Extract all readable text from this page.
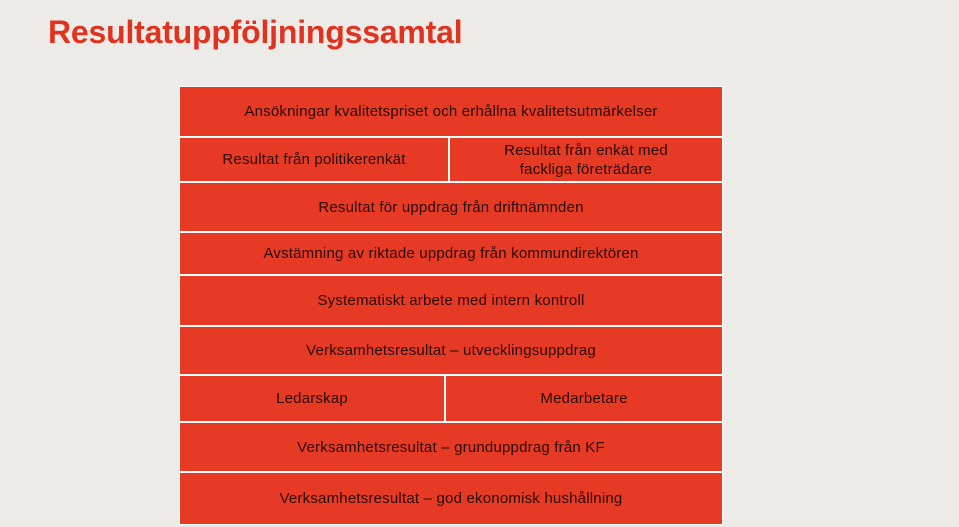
Resultatuppföljningssamtal
Ansökningar kvalitetspriset och erhållna kvalitetsutmärkelser
Resultat från politikerenkät
Resultat från enkät med fackliga företrädare
Resultat för uppdrag från driftnämnden
Avstämning av riktade uppdrag från kommundirektören
Systematiskt arbete med intern kontroll
Verksamhetsresultat – utvecklingsuppdrag
Ledarskap	Medarbetare
Verksamhetsresultat – grunduppdrag från KF
Verksamhetsresultat – god ekonomisk hushållning
